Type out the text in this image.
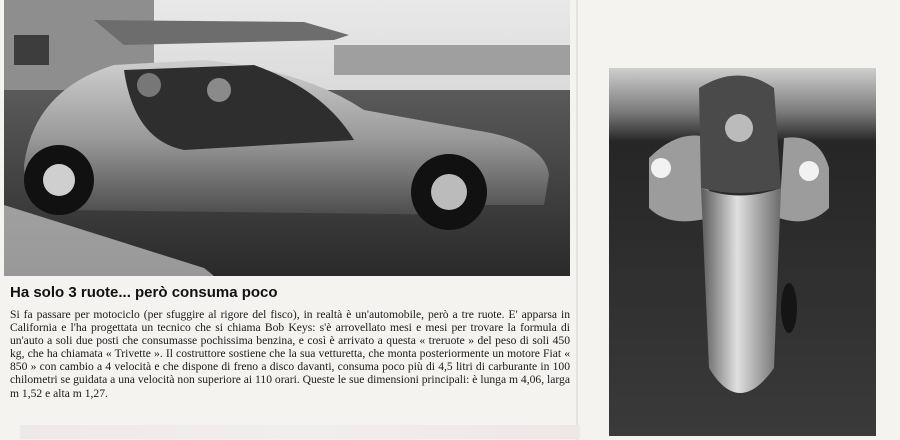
Ha solo 3 ruote... però consuma poco

Si fa passare per motociclo (per sfuggire al rigore del fisco), in realtà è un'automobile, però a tre ruote. E' apparsa in California e l'ha progettata un tecnico che si chiama Bob Keys: s'è arrovellato mesi e mesi per trovare la formula di un'auto a soli due posti che consumasse pochissima benzina, e così è arrivato a questa « treruote » del peso di soli 450 kg, che ha chiamata « Trivette ». Il costruttore sostiene che la sua vetturetta, che monta posteriormente un motore Fiat « 850 » con cambio a 4 velocità e che dispone di freno a disco davanti, consuma poco più di 4,5 litri di carburante in 100 chilometri se guidata a una velocità non superiore ai 110 orari. Queste le sue dimensioni principali: è lunga m 4,06, larga m 1,52 e alta m 1,27.
